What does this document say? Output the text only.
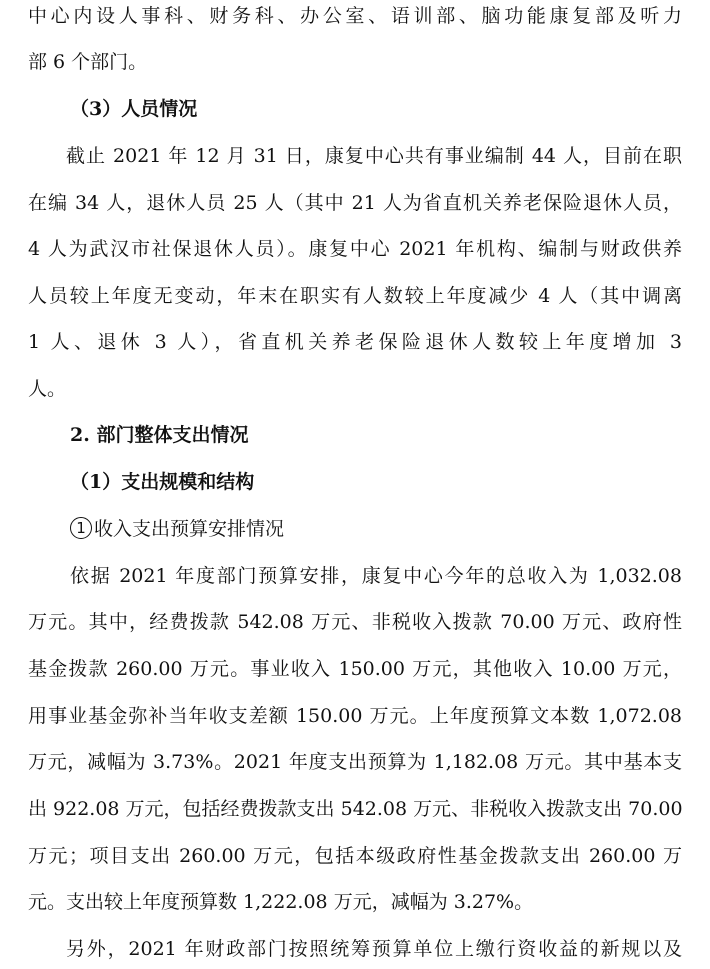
中心内设人事科、财务科、办公室、语训部、脑功能康复部及听力
部 6 个部门。
（3）人员情况
截止 2021 年 12 月 31 日，康复中心共有事业编制 44 人，目前在职
在编 34 人，退休人员 25 人（其中 21 人为省直机关养老保险退休人员，
4 人为武汉市社保退休人员）。康复中心 2021 年机构、编制与财政供养
人员较上年度无变动，年末在职实有人数较上年度减少 4 人（其中调离
1 人、退休 3 人），省直机关养老保险退休人数较上年度增加 3
人。
2. 部门整体支出情况
（1）支出规模和结构
1 收入支出预算安排情况
依据 2021 年度部门预算安排，康复中心今年的总收入为 1,032.08
万元。其中，经费拨款 542.08 万元、非税收入拨款 70.00 万元、政府性
基金拨款 260.00 万元。事业收入 150.00 万元，其他收入 10.00 万元，
用事业基金弥补当年收支差额 150.00 万元。上年度预算文本数 1,072.08
万元，减幅为 3.73%。2021 年度支出预算为 1,182.08 万元。其中基本支
出 922.08 万元，包括经费拨款支出 542.08 万元、非税收入拨款支出 70.00
万元；项目支出 260.00 万元，包括本级政府性基金拨款支出 260.00 万
元。支出较上年度预算数 1,222.08 万元，减幅为 3.27%。
另外，2021 年财政部门按照统筹预算单位上缴行资收益的新规以及
